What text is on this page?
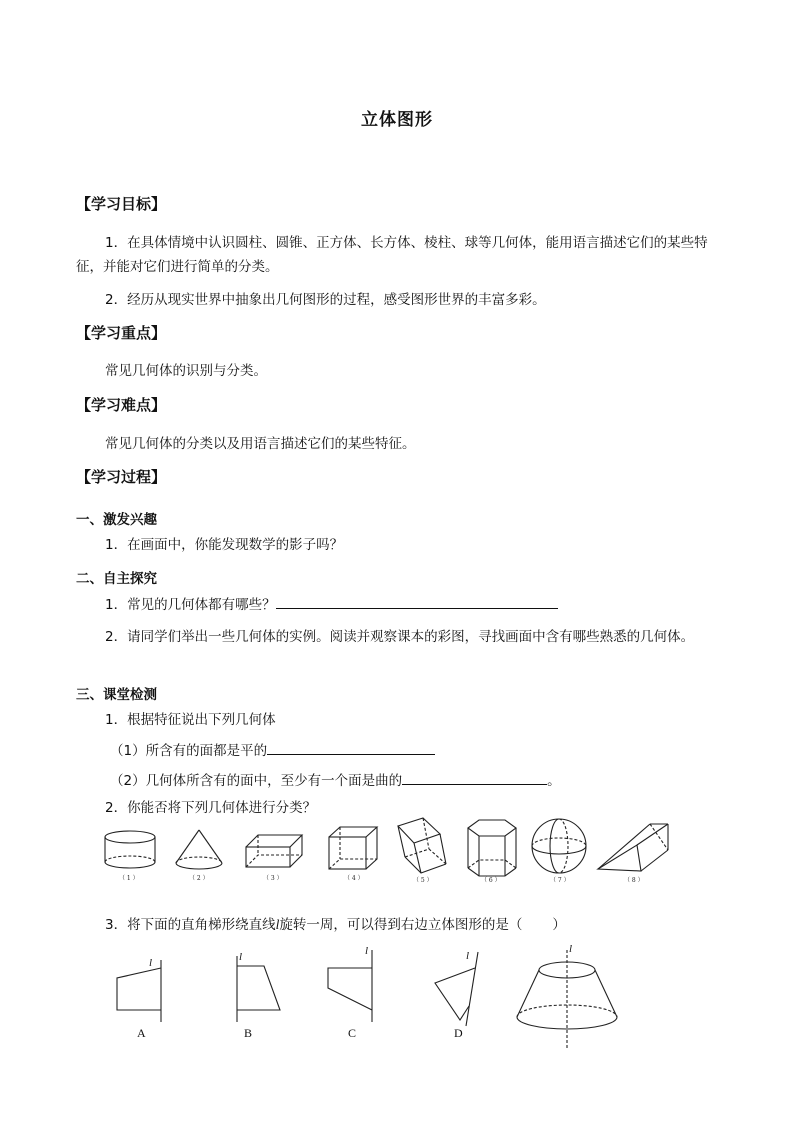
立体图形
【学习目标】
1．在具体情境中认识圆柱、圆锥、正方体、长方体、棱柱、球等几何体，能用语言描述它们的某些特征，并能对它们进行简单的分类。
2．经历从现实世界中抽象出几何图形的过程，感受图形世界的丰富多彩。
【学习重点】
常见几何体的识别与分类。
【学习难点】
常见几何体的分类以及用语言描述它们的某些特征。
【学习过程】
一、激发兴趣
1．在画面中，你能发现数学的影子吗？
二、自主探究
1．常见的几何体都有哪些？
2．请同学们举出一些几何体的实例。阅读并观察课本的彩图，寻找画面中含有哪些熟悉的几何体。
三、课堂检测
1．根据特征说出下列几何体
（1）所含有的面都是平的
（2）几何体所含有的面中，至少有一个面是曲的	。
2．你能否将下列几何体进行分类？
（ 1 ）	（ 2 ）	（ 3 ）	（ 4 ）	（ 5 ）	（ 6 ）	（ 7 ）	（ 8 ）
3．将下面的直角梯形绕直线l旋转一周，可以得到右边立体图形的是（ ）
l
A
l
B
l
C
l
D
l
